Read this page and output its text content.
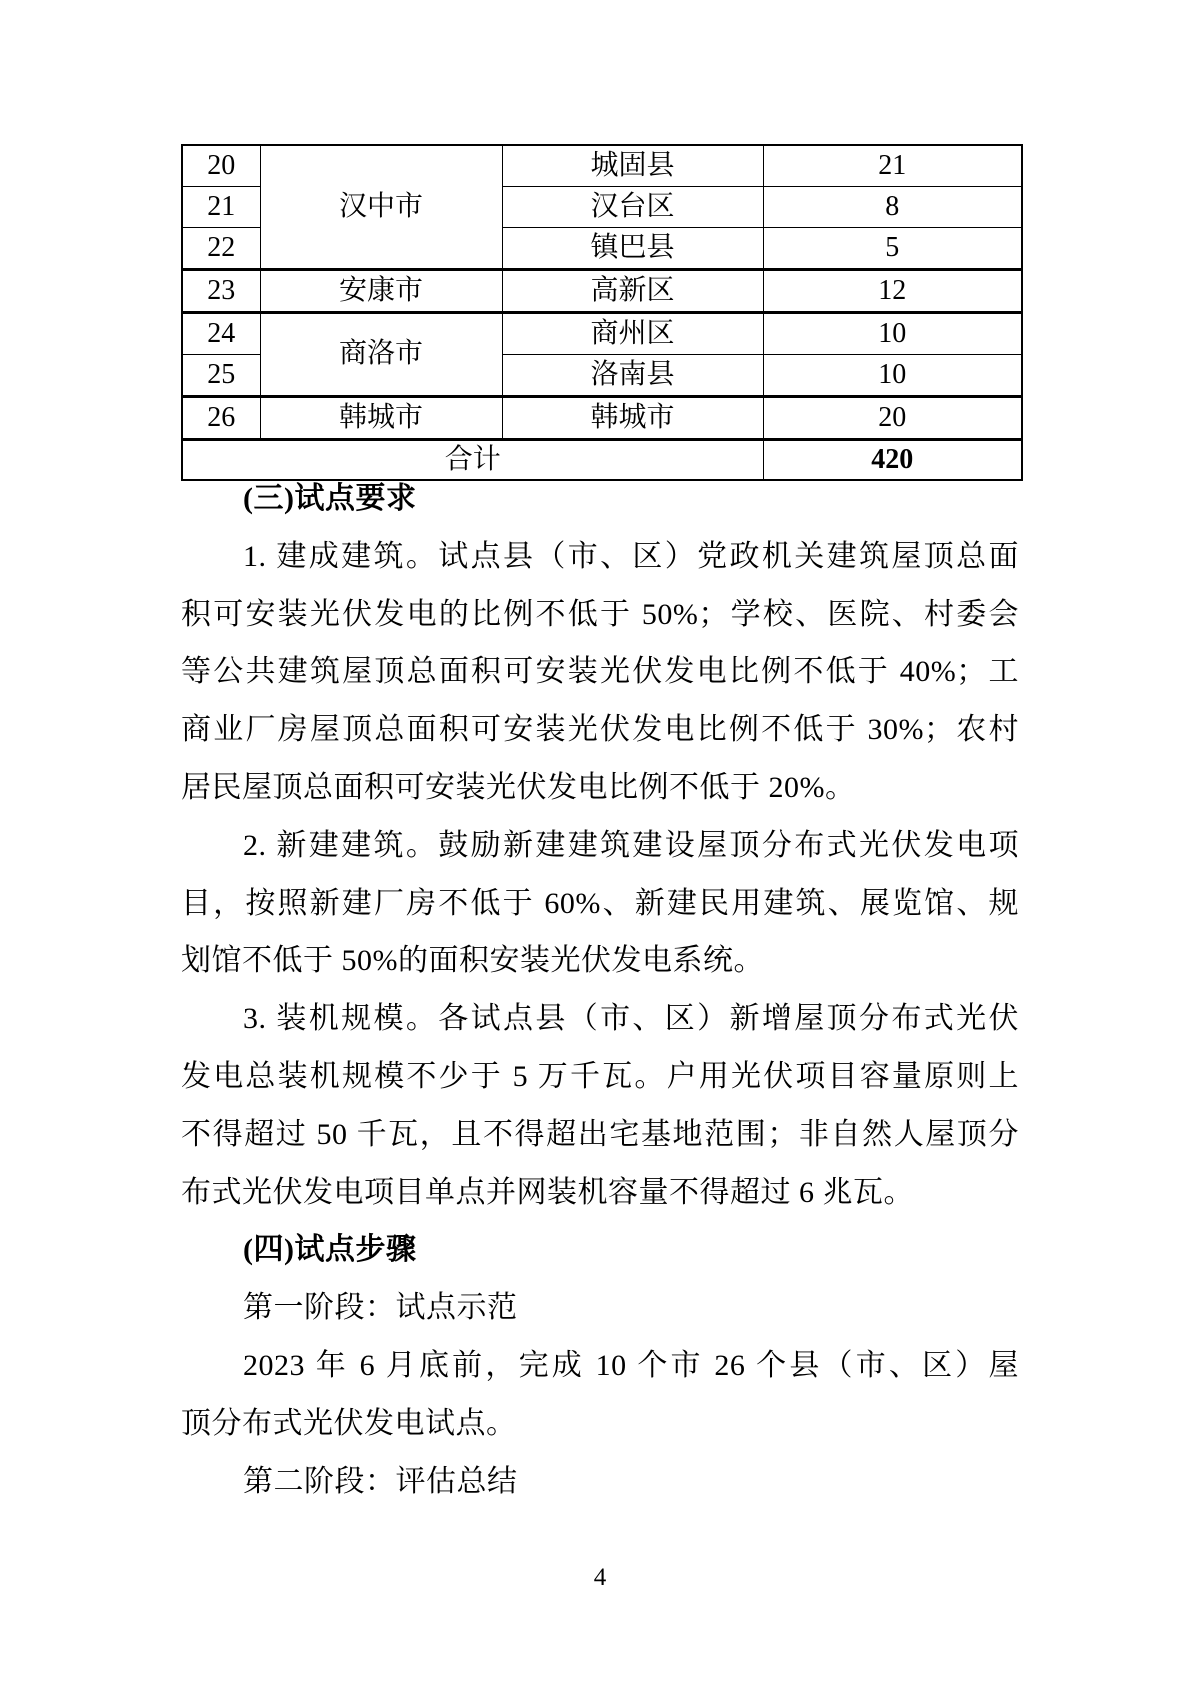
20	汉中市	城固县	21
21		汉台区	8
22		镇巴县	5
23	安康市	高新区	12
24	商洛市	商州区	10
25		洛南县	10
26	韩城市	韩城市	20
合计			420
(三)试点要求
1. 建成建筑。试点县（市、区）党政机关建筑屋顶总面
积可安装光伏发电的比例不低于 50%；学校、医院、村委会
等公共建筑屋顶总面积可安装光伏发电比例不低于 40%；工
商业厂房屋顶总面积可安装光伏发电比例不低于 30%；农村
居民屋顶总面积可安装光伏发电比例不低于 20%。
2. 新建建筑。鼓励新建建筑建设屋顶分布式光伏发电项
目，按照新建厂房不低于 60%、新建民用建筑、展览馆、规
划馆不低于 50%的面积安装光伏发电系统。
3. 装机规模。各试点县（市、区）新增屋顶分布式光伏
发电总装机规模不少于 5 万千瓦。户用光伏项目容量原则上
不得超过 50 千瓦，且不得超出宅基地范围；非自然人屋顶分
布式光伏发电项目单点并网装机容量不得超过 6 兆瓦。
(四)试点步骤
第一阶段：试点示范
2023 年 6 月底前，完成 10 个市 26 个县（市、区）屋
顶分布式光伏发电试点。
第二阶段：评估总结
4
